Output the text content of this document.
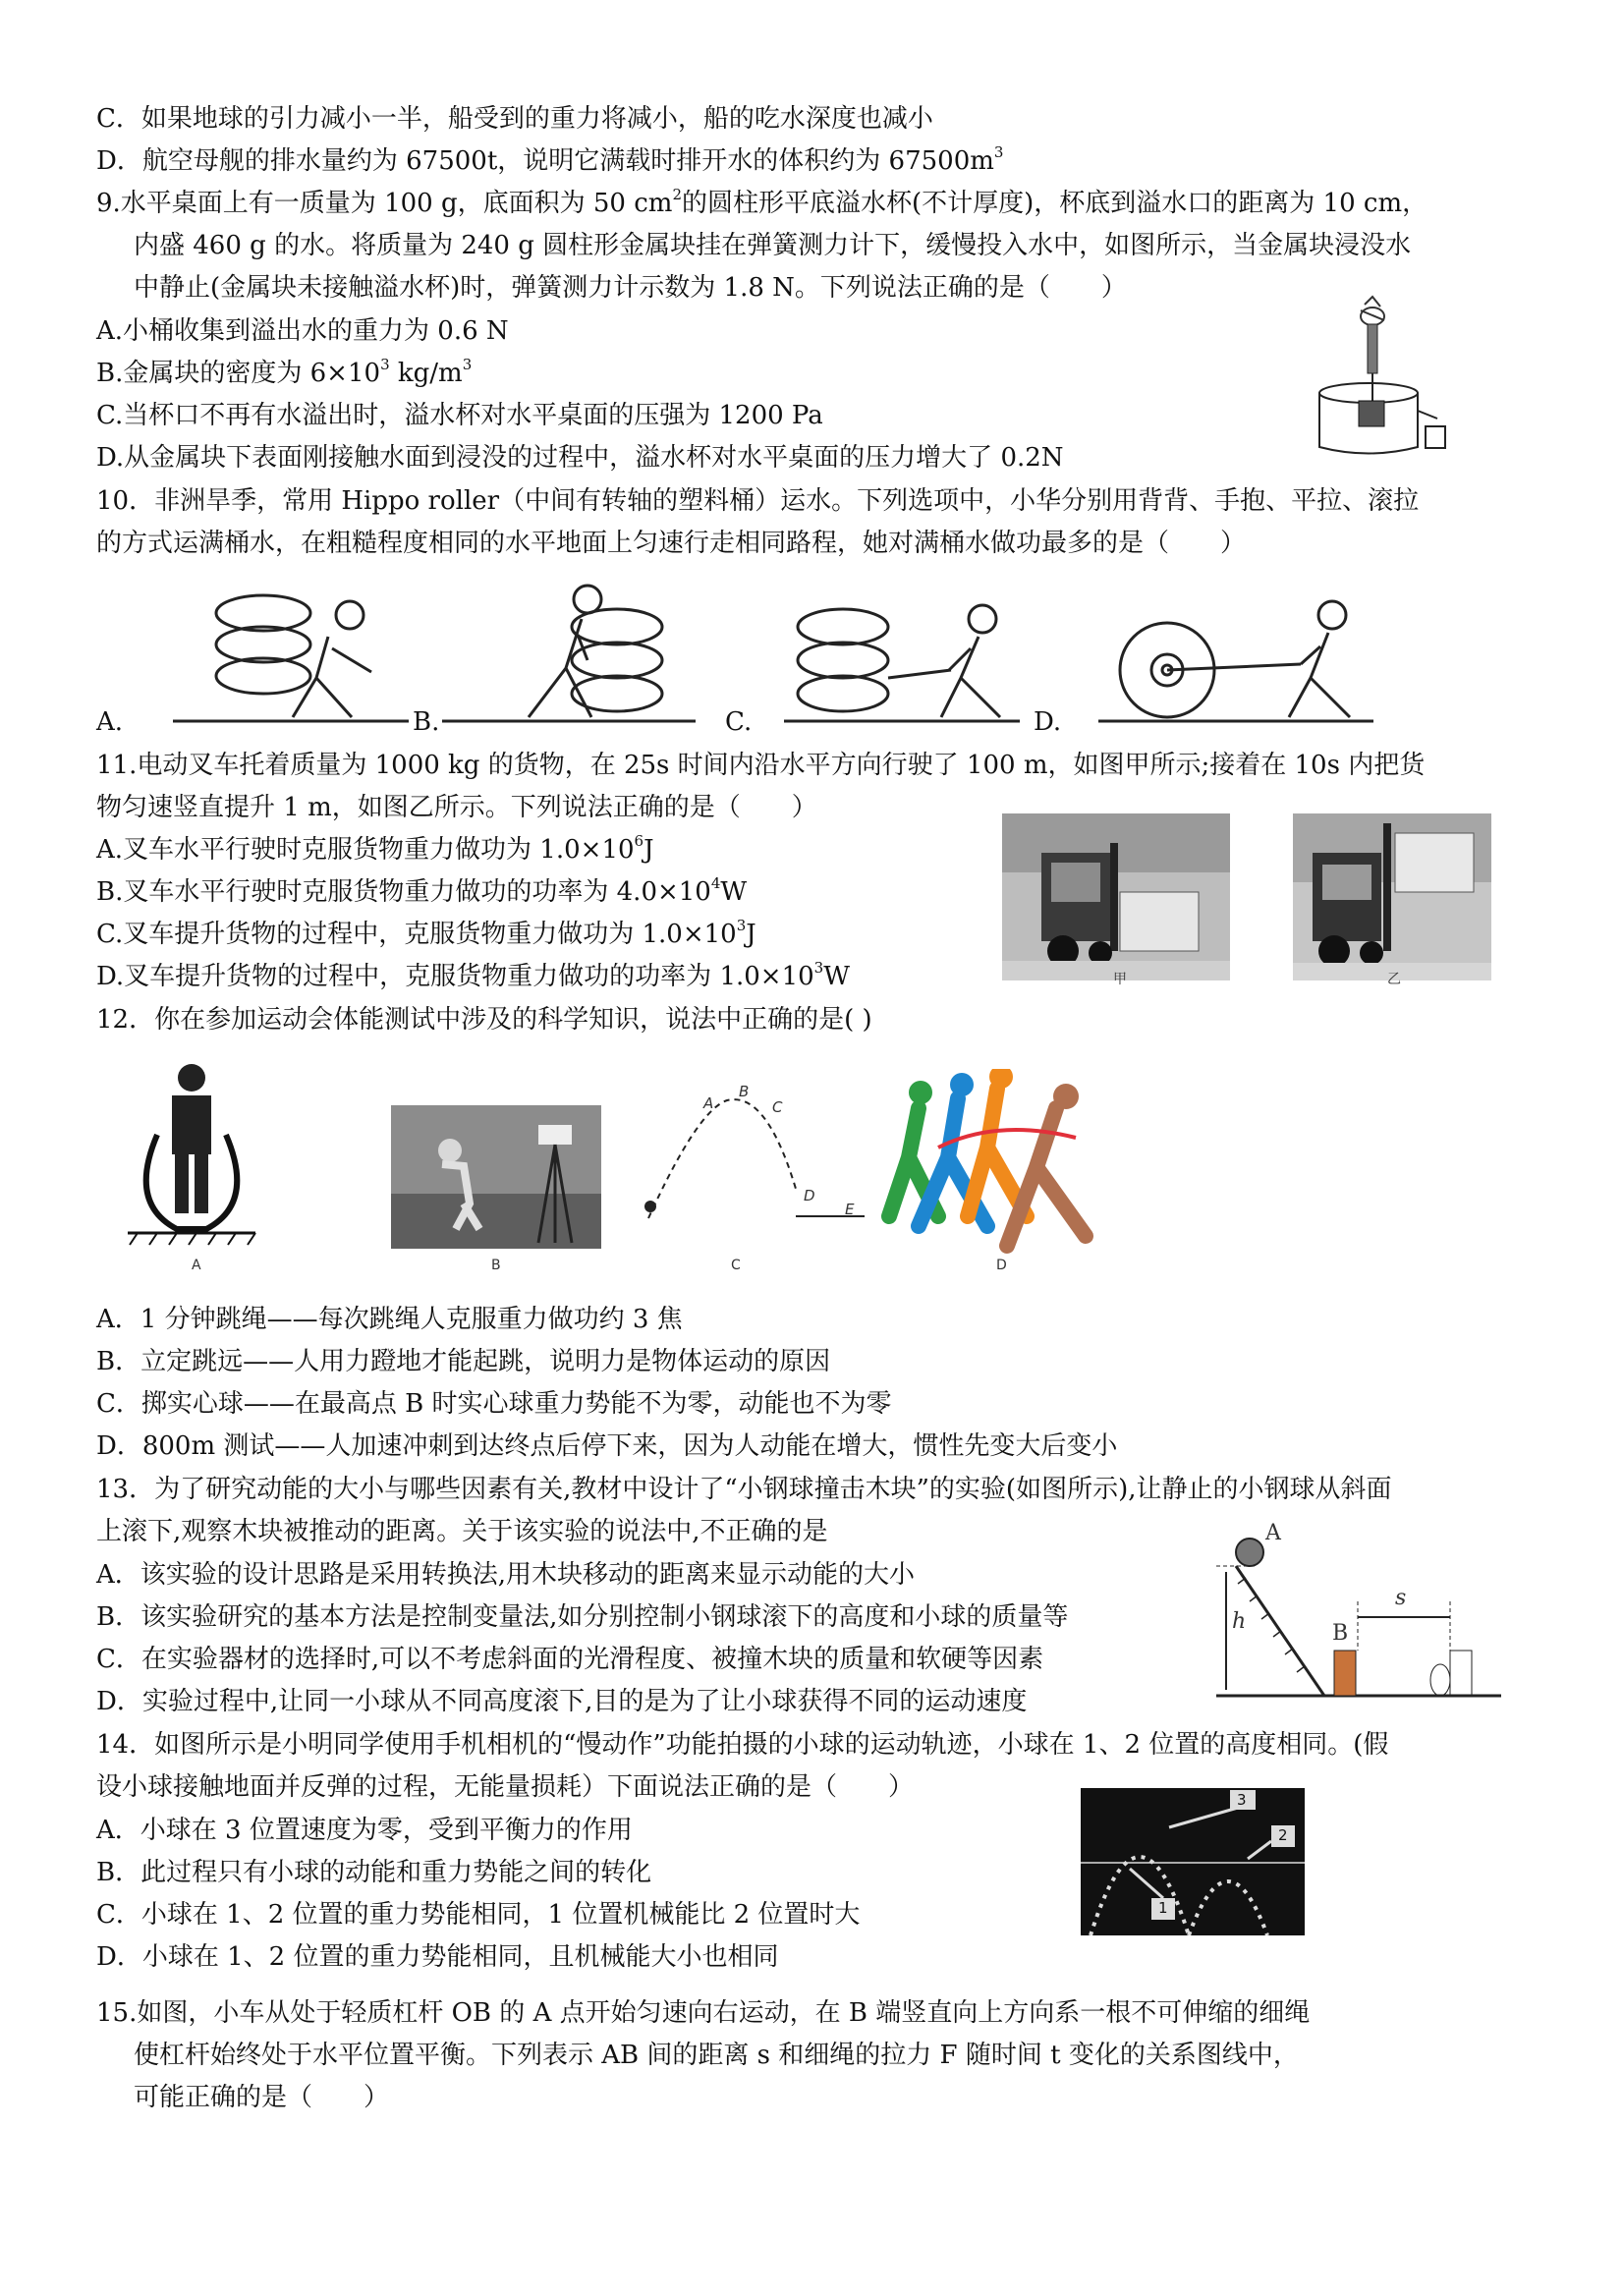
C．如果地球的引力减小一半，船受到的重力将减小，船的吃水深度也减小
D．航空母舰的排水量约为 67500t，说明它满载时排开水的体积约为 $67500m^3$
9.水平桌面上有一质量为 100 g，底面积为 50 $cm^2$的圆柱形平底溢水杯(不计厚度)，杯底到溢水口的距离为 10 cm，
内盛 460 g 的水。将质量为 240 g 圆柱形金属块挂在弹簧测力计下，缓慢投入水中，如图所示，当金属块浸没水
中静止(金属块未接触溢水杯)时，弹簧测力计示数为 1.8 N。下列说法正确的是（　　）
A.小桶收集到溢出水的重力为 0.6 N
B.金属块的密度为 $6\times 10^3$ $kg/m^3$
C.当杯口不再有水溢出时，溢水杯对水平桌面的压强为 1200 Pa
D.从金属块下表面刚接触水面到浸没的过程中，溢水杯对水平桌面的压力增大了 0.2N
10．非洲旱季，常用 Hippo roller（中间有转轴的塑料桶）运水。下列选项中，小华分别用背背、手抱、平拉、滚拉
的方式运满桶水，在粗糙程度相同的水平地面上匀速行走相同路程，她对满桶水做功最多的是（　　）
A.	B.	C.	D.
11.电动叉车托着质量为 1000 kg 的货物，在 25s 时间内沿水平方向行驶了 100 m，如图甲所示;接着在 10s 内把货
物匀速竖直提升 1 m，如图乙所示。下列说法正确的是（　　）
A.叉车水平行驶时克服货物重力做功为 $1.0\times 10^6J$
B.叉车水平行驶时克服货物重力做功的功率为 $4.0\times 10^4W$
C.叉车提升货物的过程中，克服货物重力做功为 $1.0\times 10^3J$
D.叉车提升货物的过程中，克服货物重力做功的功率为 $1.0\times 10^3W$	甲	乙
12．你在参加运动会体能测试中涉及的科学知识，说法中正确的是( )
A
B
C
D
E
A	B	C	D
A．1 分钟跳绳——每次跳绳人克服重力做功约 3 焦
B．立定跳远——人用力蹬地才能起跳，说明力是物体运动的原因
C．掷实心球——在最高点 B 时实心球重力势能不为零，动能也不为零
D．800m 测试——人加速冲刺到达终点后停下来，因为人动能在增大，惯性先变大后变小
13．为了研究动能的大小与哪些因素有关,教材中设计了“小钢球撞击木块”的实验(如图所示),让静止的小钢球从斜面
上滚下,观察木块被推动的距离。关于该实验的说法中,不正确的是
A．该实验的设计思路是采用转换法,用木块移动的距离来显示动能的大小
B．该实验研究的基本方法是控制变量法,如分别控制小钢球滚下的高度和小球的质量等
C．在实验器材的选择时,可以不考虑斜面的光滑程度、被撞木块的质量和软硬等因素
D．实验过程中,让同一小球从不同高度滚下,目的是为了让小球获得不同的运动速度
A
h	B
s
14．如图所示是小明同学使用手机相机的“慢动作”功能拍摄的小球的运动轨迹，小球在 1、2 位置的高度相同。(假
设小球接触地面并反弹的过程，无能量损耗）下面说法正确的是（　　）
A．小球在 3 位置速度为零，受到平衡力的作用
B．此过程只有小球的动能和重力势能之间的转化
C．小球在 1、2 位置的重力势能相同，1 位置机械能比 2 位置时大
D．小球在 1、2 位置的重力势能相同，且机械能大小也相同
3
2
1
15.如图，小车从处于轻质杠杆 OB 的 A 点开始匀速向右运动，在 B 端竖直向上方向系一根不可伸缩的细绳
使杠杆始终处于水平位置平衡。下列表示 AB 间的距离 s 和细绳的拉力 F 随时间 t 变化的关系图线中，
可能正确的是（　　）
